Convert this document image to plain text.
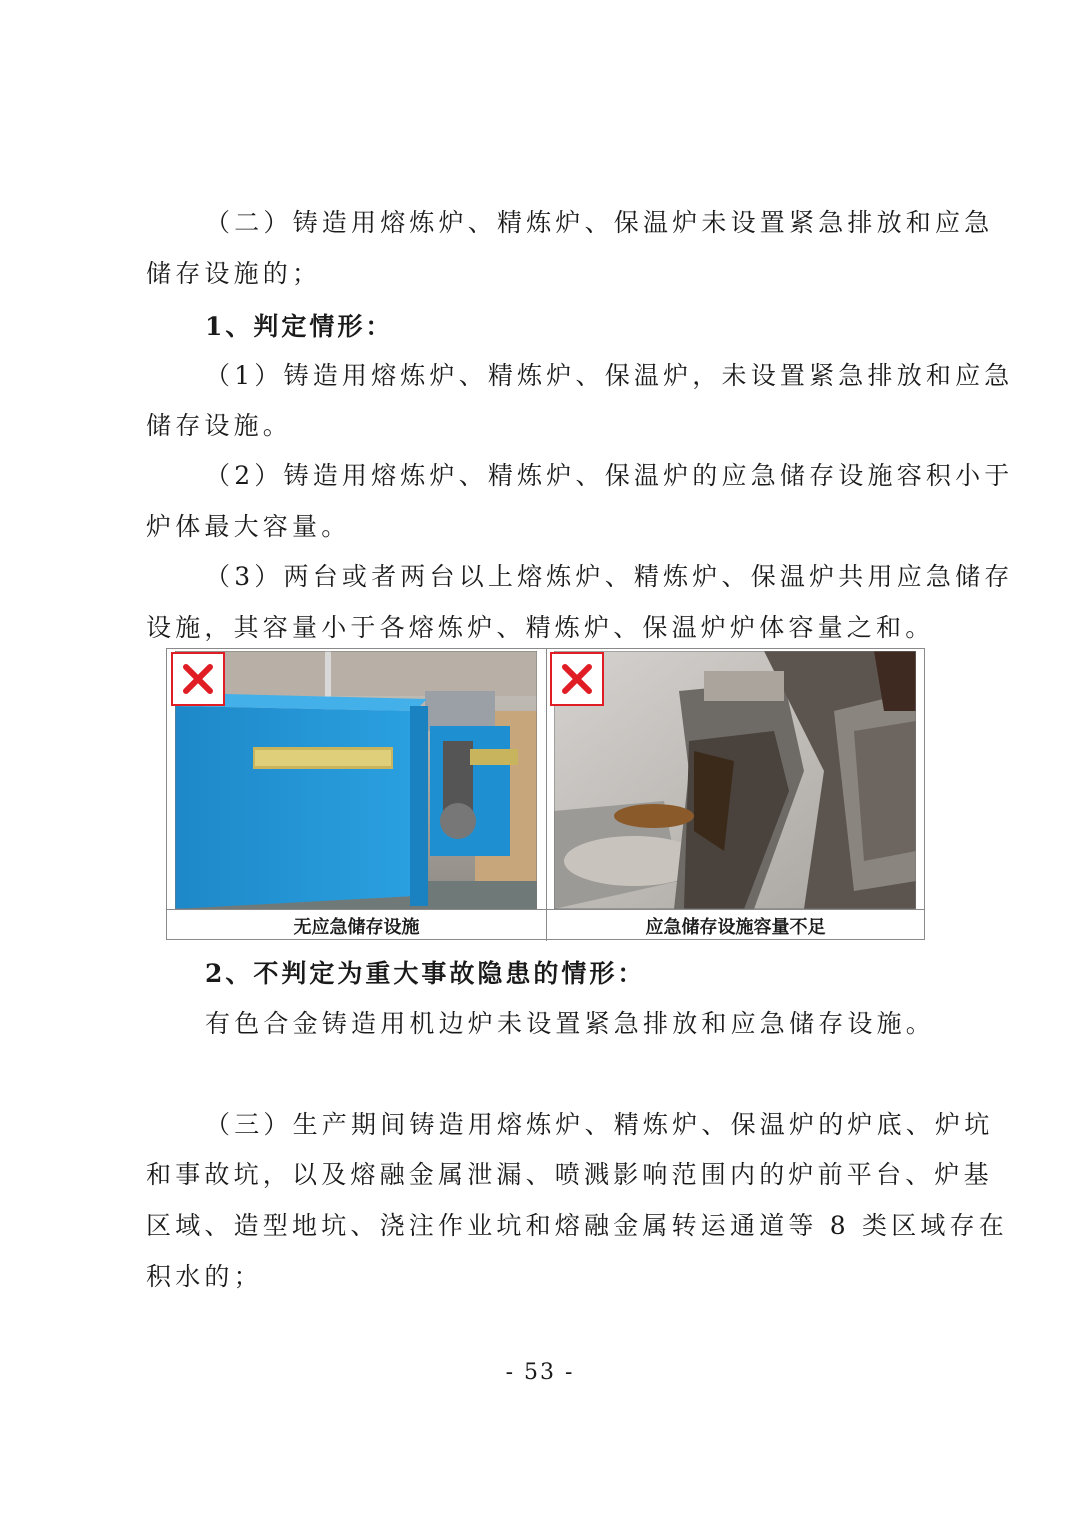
（二）铸造用熔炼炉、精炼炉、保温炉未设置紧急排放和应急
储存设施的；
1、判定情形：
（1）铸造用熔炼炉、精炼炉、保温炉，未设置紧急排放和应急
储存设施。
（2）铸造用熔炼炉、精炼炉、保温炉的应急储存设施容积小于
炉体最大容量。
（3）两台或者两台以上熔炼炉、精炼炉、保温炉共用应急储存
设施，其容量小于各熔炼炉、精炼炉、保温炉炉体容量之和。
无应急储存设施	应急储存设施容量不足
2、不判定为重大事故隐患的情形：
有色合金铸造用机边炉未设置紧急排放和应急储存设施。
（三）生产期间铸造用熔炼炉、精炼炉、保温炉的炉底、炉坑
和事故坑，以及熔融金属泄漏、喷溅影响范围内的炉前平台、炉基
区域、造型地坑、浇注作业坑和熔融金属转运通道等 8 类区域存在
积水的；
- 53 -
